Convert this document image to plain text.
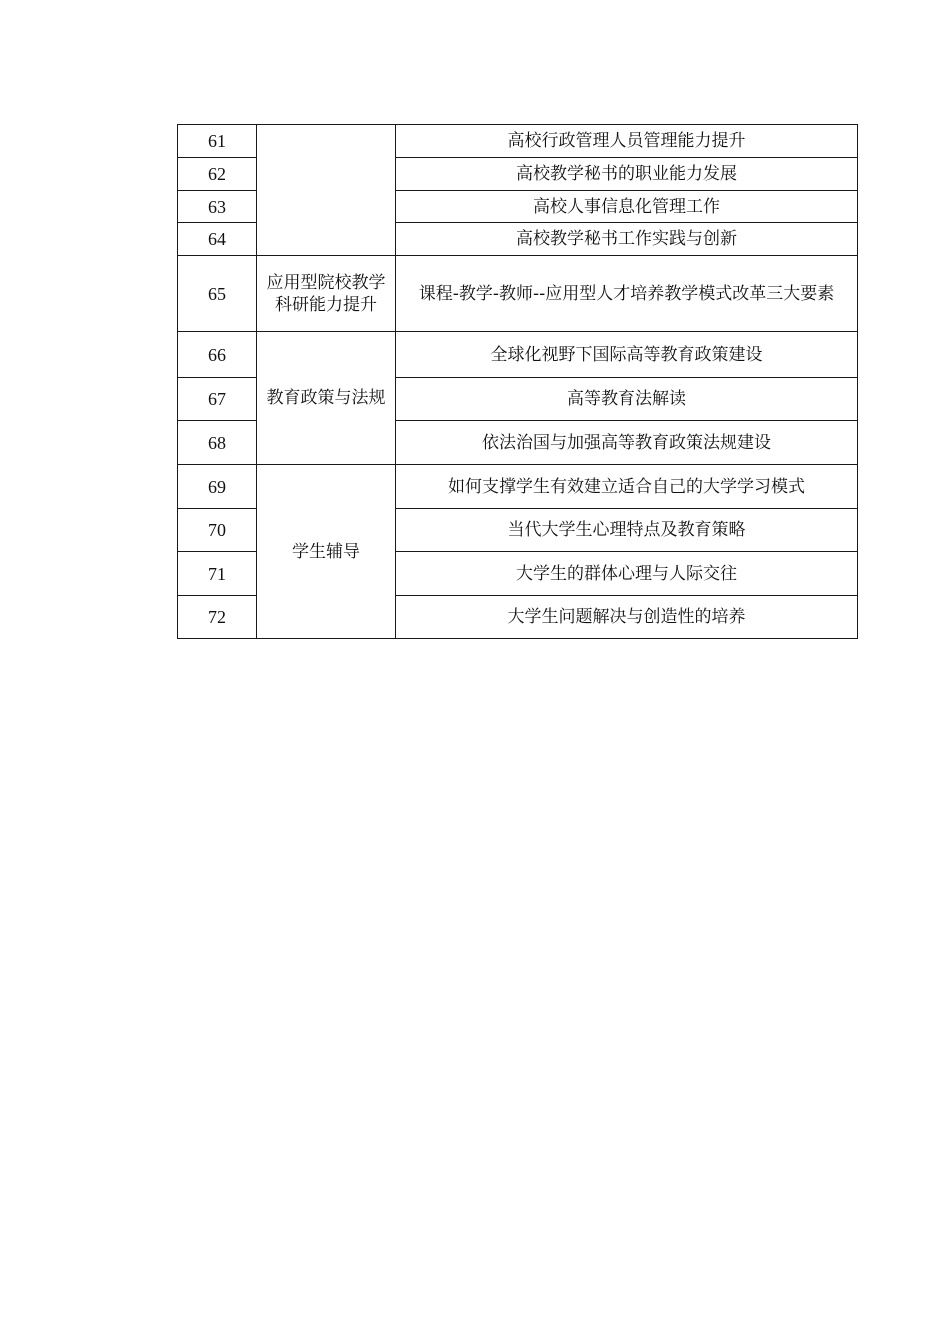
61		高校行政管理人员管理能力提升
62		高校教学秘书的职业能力发展
63		高校人事信息化管理工作
64		高校教学秘书工作实践与创新
65	应用型院校教学科研能力提升	课程-教学-教师--应用型人才培养教学模式改革三大要素
66	教育政策与法规	全球化视野下国际高等教育政策建设
67		高等教育法解读
68		依法治国与加强高等教育政策法规建设
69	学生辅导	如何支撑学生有效建立适合自己的大学学习模式
70		当代大学生心理特点及教育策略
71		大学生的群体心理与人际交往
72		大学生问题解决与创造性的培养
